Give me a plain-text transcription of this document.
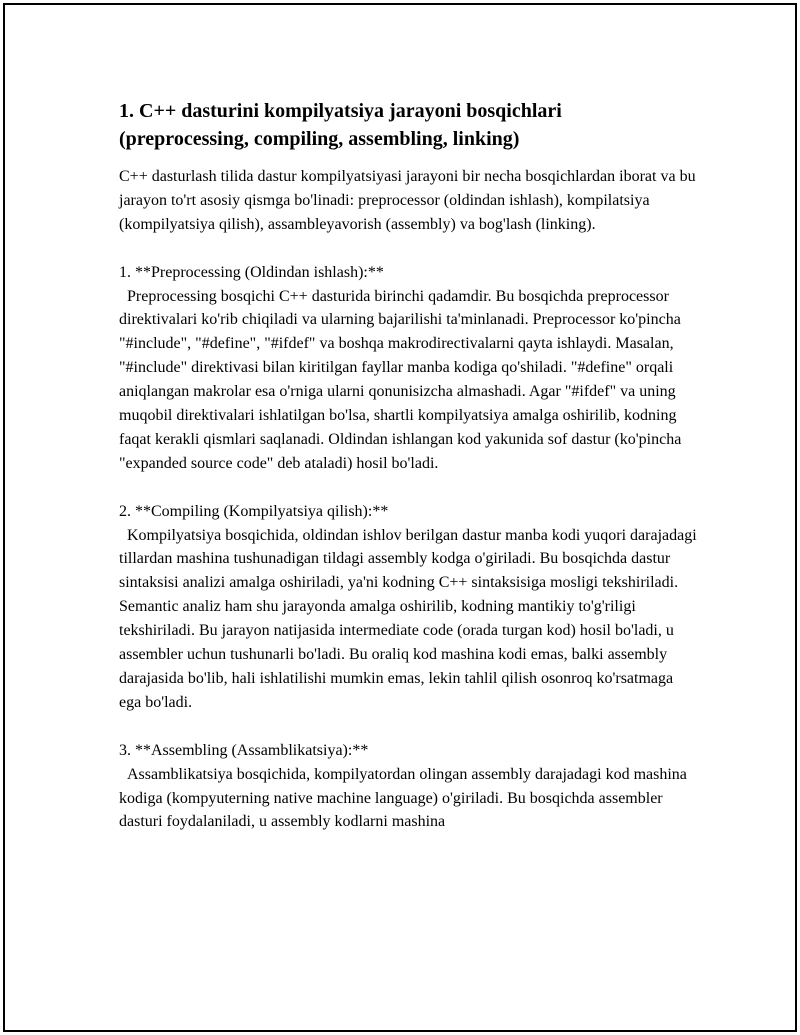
1. C++ dasturini kompilyatsiya jarayoni bosqichlari
(preprocessing, compiling, assembling, linking)

C++ dasturlash tilida dastur kompilyatsiyasi jarayoni bir necha bosqichlardan iborat va bu jarayon to'rt asosiy qismga bo'linadi: preprocessor (oldindan ishlash), kompilatsiya (kompilyatsiya qilish), assambleyavorish (assembly) va bog'lash (linking).

1. **Preprocessing (Oldindan ishlash):**

Preprocessing bosqichi C++ dasturida birinchi qadamdir. Bu bosqichda preprocessor direktivalari ko'rib chiqiladi va ularning bajarilishi ta'minlanadi. Preprocessor ko'pincha "#include", "#define", "#ifdef" va boshqa makrodirectivalarni qayta ishlaydi. Masalan, "#include" direktivasi bilan kiritilgan fayllar manba kodiga qo'shiladi. "#define" orqali aniqlangan makrolar esa o'rniga ularni qonunisizcha almashadi. Agar "#ifdef" va uning muqobil direktivalari ishlatilgan bo'lsa, shartli kompilyatsiya amalga oshirilib, kodning faqat kerakli qismlari saqlanadi. Oldindan ishlangan kod yakunida sof dastur (ko'pincha "expanded source code" deb ataladi) hosil bo'ladi.

2. **Compiling (Kompilyatsiya qilish):**

Kompilyatsiya bosqichida, oldindan ishlov berilgan dastur manba kodi yuqori darajadagi tillardan mashina tushunadigan tildagi assembly kodga o'giriladi. Bu bosqichda dastur sintaksisi analizi amalga oshiriladi, ya'ni kodning C++ sintaksisiga mosligi tekshiriladi. Semantic analiz ham shu jarayonda amalga oshirilib, kodning mantikiy to'g'riligi tekshiriladi. Bu jarayon natijasida intermediate code (orada turgan kod) hosil bo'ladi, u assembler uchun tushunarli bo'ladi. Bu oraliq kod mashina kodi emas, balki assembly darajasida bo'lib, hali ishlatilishi mumkin emas, lekin tahlil qilish osonroq ko'rsatmaga ega bo'ladi.

3. **Assembling (Assamblikatsiya):**

Assamblikatsiya bosqichida, kompilyatordan olingan assembly darajadagi kod mashina kodiga (kompyuterning native machine language) o'giriladi. Bu bosqichda assembler dasturi foydalaniladi, u assembly kodlarni mashina
